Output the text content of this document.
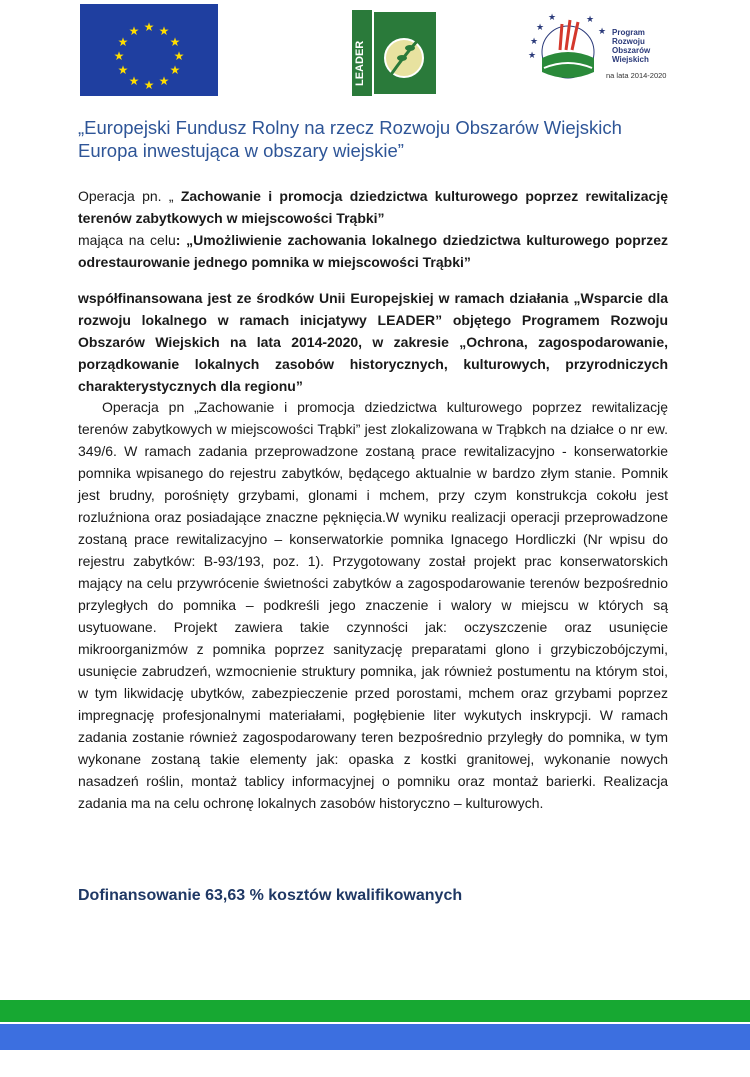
★ ★
★
★
★
★
★
★
★
★
★
★
LEADER	★
★
★
★	★
★ Program
Rozwoju
Obszarów
Wiejskich
na lata 2014-2020
„Europejski Fundusz Rolny na rzecz Rozwoju Obszarów Wiejskich
Europa inwestująca w obszary wiejskie”
Operacja pn. „ Zachowanie i promocja dziedzictwa kulturowego poprzez rewitalizację terenów zabytkowych w miejscowości Trąbki”
mająca na celu: „Umożliwienie zachowania lokalnego dziedzictwa kulturowego poprzez odrestaurowanie jednego pomnika w miejscowości Trąbki”
współfinansowana jest ze środków Unii Europejskiej w ramach działania „Wsparcie dla rozwoju lokalnego w ramach inicjatywy LEADER” objętego Programem Rozwoju Obszarów Wiejskich na lata 2014-2020, w zakresie „Ochrona, zagospodarowanie, porządkowanie lokalnych zasobów historycznych, kulturowych, przyrodniczych charakterystycznych dla regionu”
Operacja pn „Zachowanie i promocja dziedzictwa kulturowego poprzez rewitalizację terenów zabytkowych w miejscowości Trąbki” jest zlokalizowana w Trąbkch na działce o nr ew. 349/6. W ramach zadania przeprowadzone zostaną prace rewitalizacyjno - konserwatorkie pomnika wpisanego do rejestru zabytków, będącego aktualnie w bardzo złym stanie. Pomnik jest brudny, porośnięty grzybami, glonami i mchem, przy czym konstrukcja cokołu jest rozluźniona oraz posiadające znaczne pęknięcia.W wyniku realizacji operacji przeprowadzone zostaną prace rewitalizacyjno – konserwatorkie pomnika Ignacego Hordliczki (Nr wpisu do rejestru zabytków: B-93/193, poz. 1). Przygotowany został projekt prac konserwatorskich mający na celu przywrócenie świetności zabytków a zagospodarowanie terenów bezpośrednio przyległych do pomnika – podkreśli jego znaczenie i walory w miejscu w których są usytuowane. Projekt zawiera takie czynności jak: oczyszczenie oraz usunięcie mikroorganizmów z pomnika poprzez sanityzację preparatami glono i grzybiczobójczymi, usunięcie zabrudzeń, wzmocnienie struktury pomnika, jak również postumentu na którym stoi, w tym likwidację ubytków, zabezpieczenie przed porostami, mchem oraz grzybami poprzez impregnację profesjonalnymi materiałami, pogłębienie liter wykutych inskrypcji. W ramach zadania zostanie również zagospodarowany teren bezpośrednio przyległy do pomnika, w tym wykonane zostaną takie elementy jak: opaska z kostki granitowej, wykonanie nowych nasadzeń roślin, montaż tablicy informacyjnej o pomniku oraz montaż barierki. Realizacja zadania ma na celu ochronę lokalnych zasobów historyczno – kulturowych.
Dofinansowanie 63,63 % kosztów kwalifikowanych
